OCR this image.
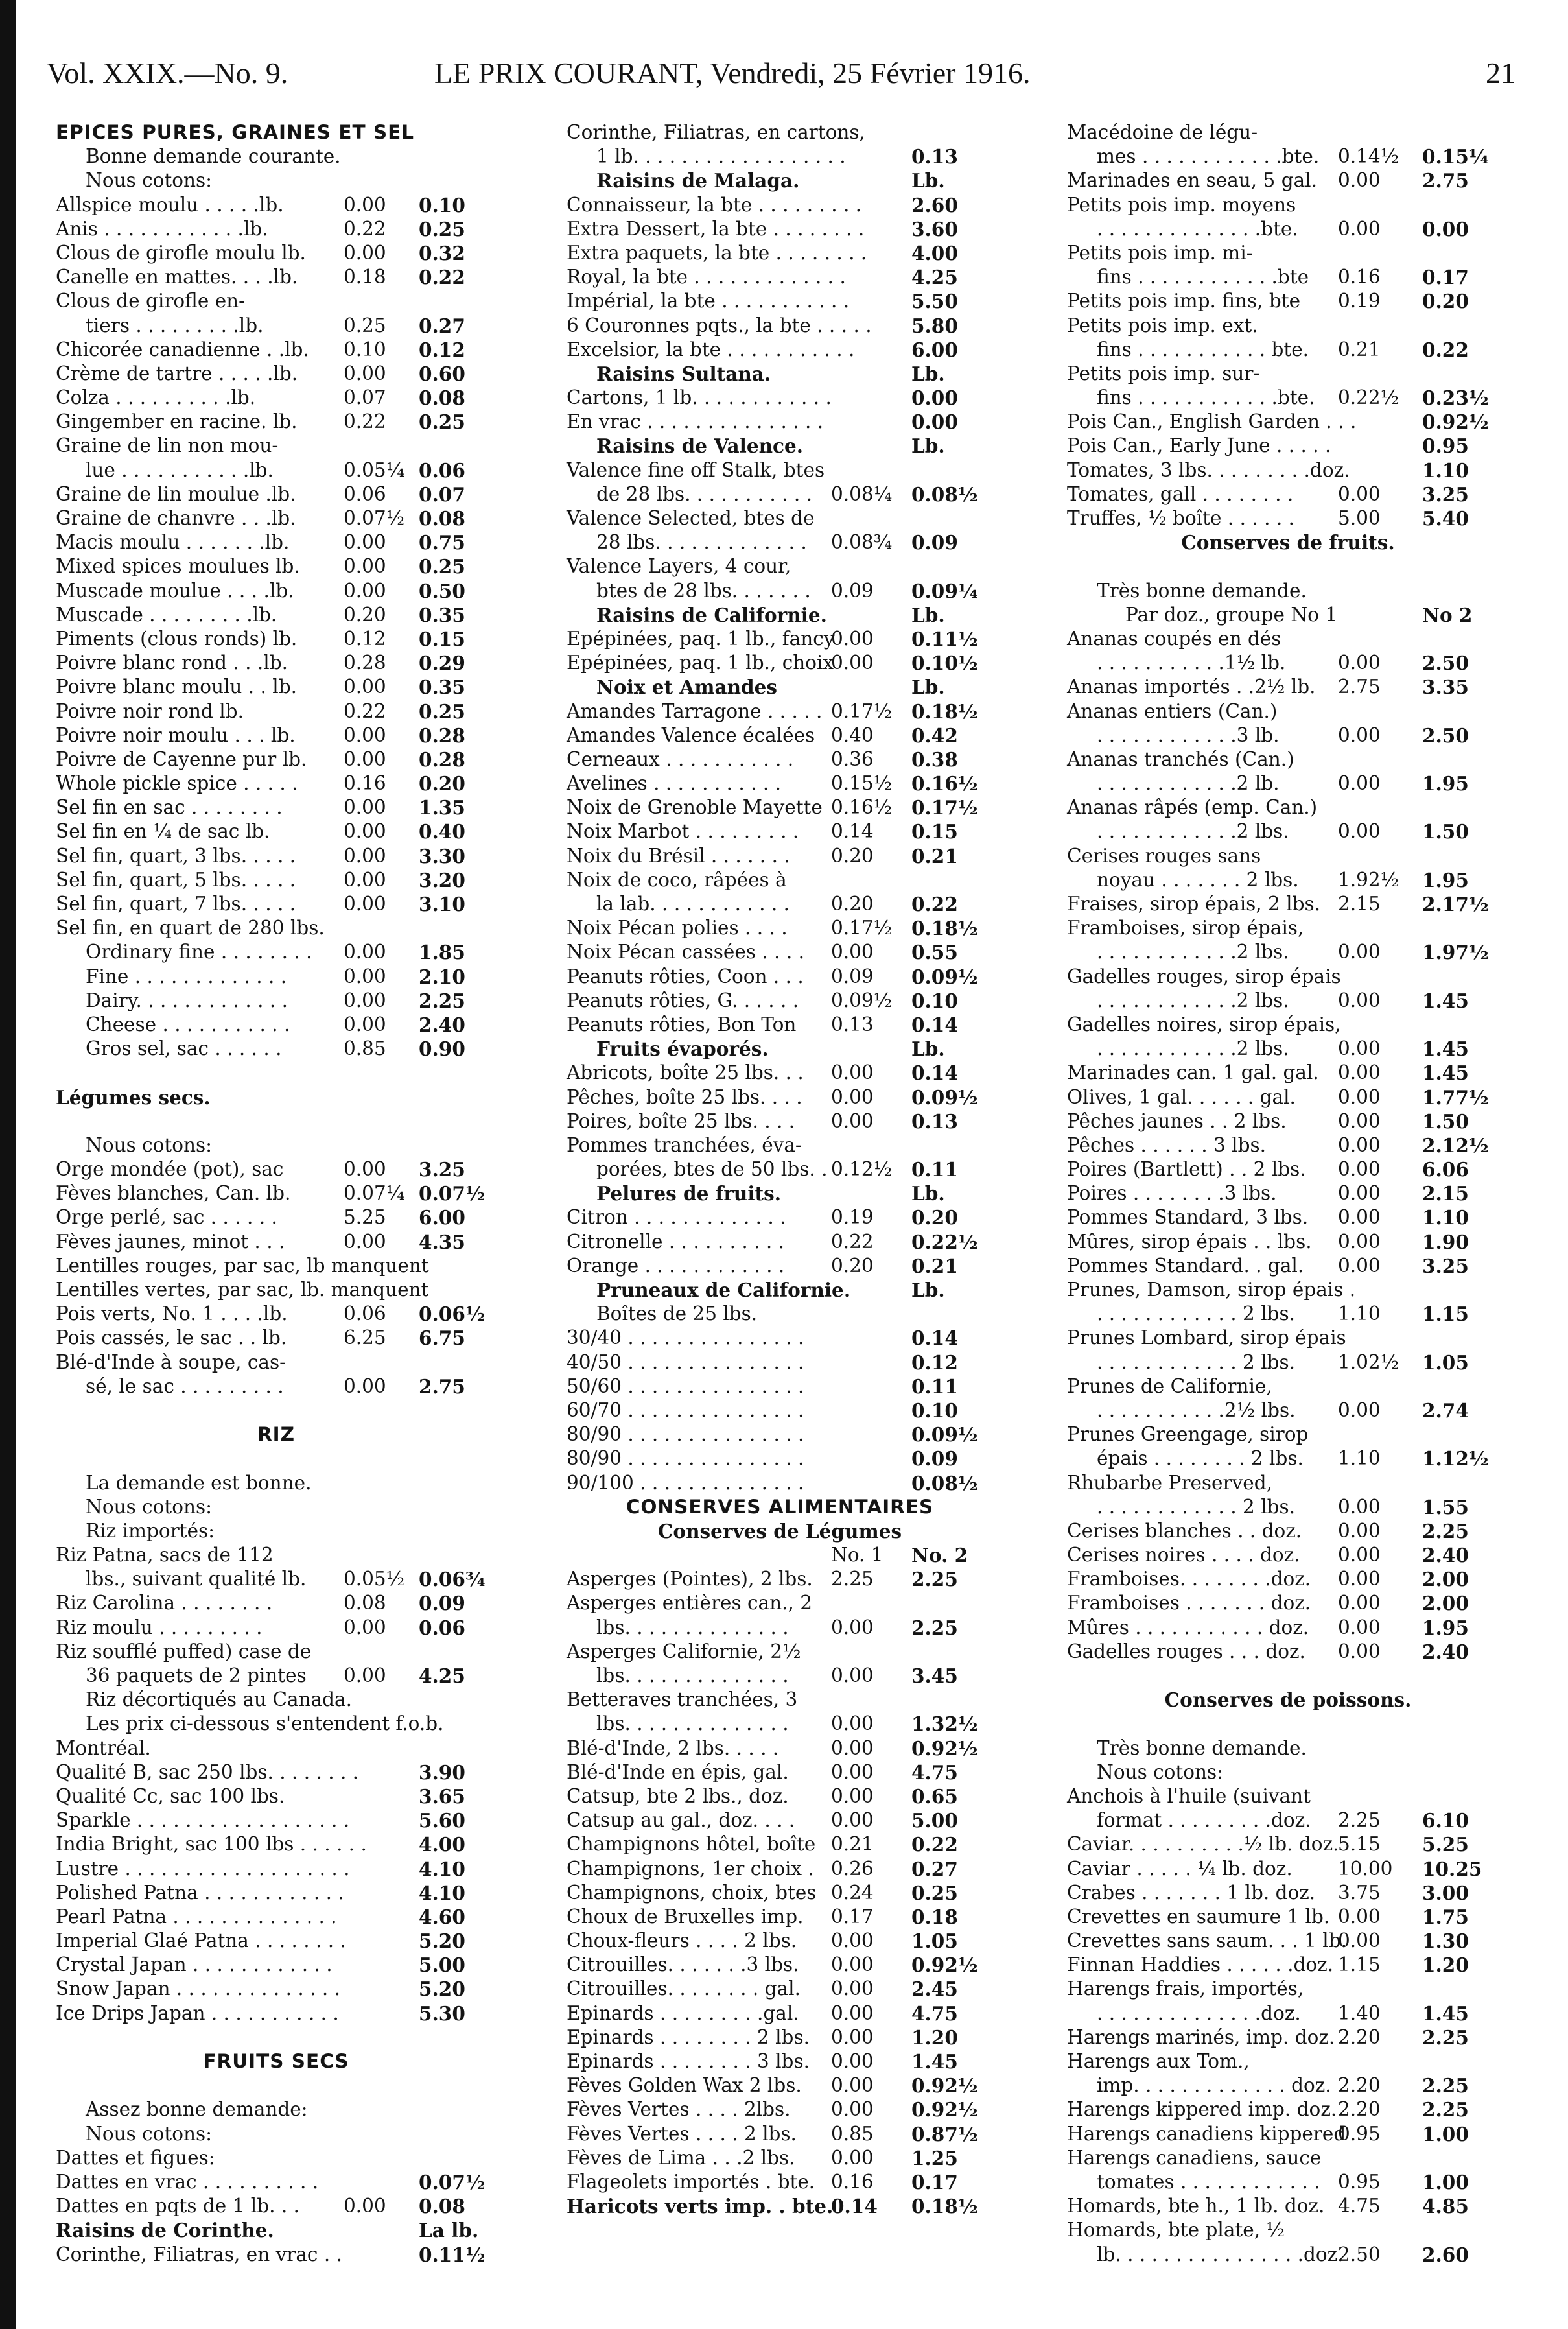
Vol. XXIX.—No. 9.	LE PRIX COURANT, Vendredi, 25 Février 1916.	21
EPICES PURES, GRAINES ET SEL
Bonne demande courante.
Nous cotons:
Allspice moulu . . . . .lb.	0.00 0.10
Anis . . . . . . . . . . . .lb.	0.22 0.25
Clous de girofle moulu lb. 0.00 0.32
Canelle en mattes. . . .lb. 0.18 0.22
Clous de girofle en-
tiers . . . . . . . . .lb.	0.25 0.27
Chicorée canadienne . .lb. 0.10 0.12
Crème de tartre . . . . .lb. 0.00 0.60
Colza . . . . . . . . . .lb.	0.07 0.08
Gingember en racine. lb. 0.22 0.25
Graine de lin non mou-
lue . . . . . . . . . . .lb.	0.05¼ 0.06
Graine de lin moulue .lb. 0.06 0.07
Graine de chanvre . . .lb. 0.07½ 0.08
Macis moulu . . . . . . .lb.	0.00 0.75
Mixed spices moulues lb. 0.00 0.25
Muscade moulue . . . .lb.	0.00 0.50
Muscade . . . . . . . . .lb.	0.20 0.35
Piments (clous ronds) lb. 0.12 0.15
Poivre blanc rond . . .lb.	0.28 0.29
Poivre blanc moulu . . lb. 0.00 0.35
Poivre noir rond lb.	0.22 0.25
Poivre noir moulu . . . lb.	0.00 0.28
Poivre de Cayenne pur lb. 0.00 0.28
Whole pickle spice . . . . . 0.16 0.20
Sel fin en sac . . . . . . . .	0.00 1.35
Sel fin en ¼ de sac lb.	0.00 0.40
Sel fin, quart, 3 lbs. . . . .	0.00 3.30
Sel fin, quart, 5 lbs. . . . .	0.00 3.20
Sel fin, quart, 7 lbs. . . . .	0.00 3.10
Sel fin, en quart de 280 lbs.
Ordinary fine . . . . . . . . 0.00 1.85
Fine . . . . . . . . . . . . .	0.00 2.10
Dairy. . . . . . . . . . . . .	0.00 2.25
Cheese . . . . . . . . . . .	0.00 2.40
Gros sel, sac . . . . . .	0.85 0.90
Légumes secs.
Nous cotons:
Orge mondée (pot), sac	0.00 3.25
Fèves blanches, Can. lb.	0.07¼ 0.07½
Orge perlé, sac . . . . . .	5.25 6.00
Fèves jaunes, minot . . .	0.00 4.35
Lentilles rouges, par sac, lb manquent
Lentilles vertes, par sac, lb. manquent
Pois verts, No. 1 . . . .lb.	0.06 0.06½
Pois cassés, le sac . . lb.	6.25 6.75
Blé-d'Inde à soupe, cas-
sé, le sac . . . . . . . . .	0.00 2.75
RIZ
La demande est bonne.
Nous cotons:
Riz importés:
Riz Patna, sacs de 112
lbs., suivant qualité lb. 0.05½ 0.06¾
Riz Carolina . . . . . . . .	0.08 0.09
Riz moulu . . . . . . . . .	0.00 0.06
Riz soufflé puffed) case de
36 paquets de 2 pintes 0.00 4.25
Riz décortiqués au Canada.
Les prix ci-dessous s'entendent f.o.b.
Montréal.
Qualité B, sac 250 lbs. . . . . . . .	3.90
Qualité Cc, sac 100 lbs.	3.65
Sparkle . . . . . . . . . . . . . . . . . .	5.60
India Bright, sac 100 lbs . . . . . .	4.00
Lustre . . . . . . . . . . . . . . . . . . .	4.10
Polished Patna . . . . . . . . . . . .	4.10
Pearl Patna . . . . . . . . . . . . . .	4.60
Imperial Glaé Patna . . . . . . . .	5.20
Crystal Japan . . . . . . . . . . . .	5.00
Snow Japan . . . . . . . . . . . . . .	5.20
Ice Drips Japan . . . . . . . . . . .	5.30
FRUITS SECS
Assez bonne demande:
Nous cotons:
Dattes et figues:
Dattes en vrac . . . . . . . . . .	0.07½
Dattes en pqts de 1 lb. . . 0.00 0.08
Raisins de Corinthe.	La lb.
Corinthe, Filiatras, en vrac . .	0.11½
Corinthe, Filiatras, en cartons,
1 lb. . . . . . . . . . . . . . . . . .	0.13
Raisins de Malaga.	Lb.
Connaisseur, la bte . . . . . . . . .	2.60
Extra Dessert, la bte . . . . . . . . 3.60
Extra paquets, la bte . . . . . . . . 4.00
Royal, la bte . . . . . . . . . . . . .	4.25
Impérial, la bte . . . . . . . . . . .	5.50
6 Couronnes pqts., la bte . . . . . 5.80
Excelsior, la bte . . . . . . . . . . .	6.00
Raisins Sultana.	Lb.
Cartons, 1 lb. . . . . . . . . . . .	0.00
En vrac . . . . . . . . . . . . . . .	0.00
Raisins de Valence.	Lb.
Valence fine off Stalk, btes
de 28 lbs. . . . . . . . . . . 0.08¼ 0.08½
Valence Selected, btes de
28 lbs. . . . . . . . . . . . . 0.08¾ 0.09
Valence Layers, 4 cour,
btes de 28 lbs. . . . . . . 0.09 0.09¼
Raisins de Californie.	Lb.
Epépinées, paq. 1 lb., fancy
0.00 0.11½
Epépinées, paq. 1 lb., choix
0.00 0.10½
Noix et Amandes	Lb.
Amandes Tarragone . . . . . 0.17½ 0.18½
Amandes Valence écalées 0.40 0.42
Cerneaux . . . . . . . . . . . 0.36 0.38
Avelines . . . . . . . . . . .	0.15½ 0.16½
Noix de Grenoble Mayette 0.16½ 0.17½
Noix Marbot . . . . . . . . . 0.14 0.15
Noix du Brésil . . . . . . . 0.20 0.21
Noix de coco, râpées à
la lab. . . . . . . . . . . . 0.20 0.22
Noix Pécan polies . . . . 0.17½ 0.18½
Noix Pécan cassées . . . . 0.00 0.55
Peanuts rôties, Coon . . . 0.09 0.09½
Peanuts rôties, G. . . . . . 0.09½ 0.10
Peanuts rôties, Bon Ton 0.13 0.14
Fruits évaporés.	Lb.
Abricots, boîte 25 lbs. . . 0.00 0.14
Pêches, boîte 25 lbs. . . . 0.00 0.09½
Poires, boîte 25 lbs. . . . 0.00 0.13
Pommes tranchées, éva-
porées, btes de 50 lbs. . 0.12½ 0.11
Pelures de fruits.	Lb.
Citron . . . . . . . . . . . . . 0.19 0.20
Citronelle . . . . . . . . . . 0.22 0.22½
Orange . . . . . . . . . . . . 0.20 0.21
Pruneaux de Californie.	Lb.
Boîtes de 25 lbs.
30/40 . . . . . . . . . . . . . . .	0.14
40/50 . . . . . . . . . . . . . . .	0.12
50/60 . . . . . . . . . . . . . . .	0.11
60/70 . . . . . . . . . . . . . . .	0.10
80/90 . . . . . . . . . . . . . . .	0.09½
80/90 . . . . . . . . . . . . . . .	0.09
90/100 . . . . . . . . . . . . . .	0.08½
CONSERVES ALIMENTAIRES
Conserves de Légumes
No. 1 No. 2
Asperges (Pointes), 2 lbs. 2.25 2.25
Asperges entières can., 2
lbs. . . . . . . . . . . . . . 0.00 2.25
Asperges Californie, 2½
lbs. . . . . . . . . . . . . . 0.00 3.45
Betteraves tranchées, 3
lbs. . . . . . . . . . . . . . 0.00 1.32½
Blé-d'Inde, 2 lbs. . . . .	0.00 0.92½
Blé-d'Inde en épis, gal. 0.00 4.75
Catsup, bte 2 lbs., doz. 0.00 0.65
Catsup au gal., doz. . . . 0.00 5.00
Champignons hôtel, boîte 0.21 0.22
Champignons, 1er choix . 0.26 0.27
Champignons, choix, btes 0.24 0.25
Choux de Bruxelles imp. 0.17 0.18
Choux-fleurs . . . . 2 lbs. 0.00 1.05
Citrouilles. . . . . . .3 lbs. 0.00 0.92½
Citrouilles. . . . . . . . gal. 0.00 2.45
Epinards . . . . . . . . .gal. 0.00 4.75
Epinards . . . . . . . . 2 lbs. 0.00 1.20
Epinards . . . . . . . . 3 lbs. 0.00 1.45
Fèves Golden Wax 2 lbs. 0.00 0.92½
Fèves Vertes . . . . 2lbs. 0.00 0.92½
Fèves Vertes . . . . 2 lbs. 0.85 0.87½
Fèves de Lima . . .2 lbs. 0.00 1.25
Flageolets importés . bte. 0.16 0.17
Haricots verts imp. . bte.
0.14 0.18½
Macédoine de légu-
mes . . . . . . . . . . . .bte. 0.14½ 0.15¼
Marinades en seau, 5 gal. 0.00 2.75
Petits pois imp. moyens
. . . . . . . . . . . . . .bte. 0.00 0.00
Petits pois imp. mi-
fins . . . . . . . . . . . .bte 0.16 0.17
Petits pois imp. fins, bte 0.19 0.20
Petits pois imp. ext.
fins . . . . . . . . . . . bte. 0.21 0.22
Petits pois imp. sur-
fins . . . . . . . . . . . .bte. 0.22½ 0.23½
Pois Can., English Garden . . .	0.92½
Pois Can., Early June . . . . .	0.95
Tomates, 3 lbs. . . . . . . . .doz.	1.10
Tomates, gall . . . . . . . . 0.00 3.25
Truffes, ½ boîte . . . . . . 5.00 5.40
Conserves de fruits.
Très bonne demande.
Par doz., groupe No 1	No 2
Ananas coupés en dés
. . . . . . . . . . .1½ lb.	0.00 2.50
Ananas importés . .2½ lb. 2.75 3.35
Ananas entiers (Can.)
. . . . . . . . . . . .3 lb.	0.00 2.50
Ananas tranchés (Can.)
. . . . . . . . . . . .2 lb.	0.00 1.95
Ananas râpés (emp. Can.)
. . . . . . . . . . . .2 lbs.	0.00 1.50
Cerises rouges sans
noyau . . . . . . . 2 lbs. 1.92½ 1.95
Fraises, sirop épais, 2 lbs. 2.15 2.17½
Framboises, sirop épais,
. . . . . . . . . . . .2 lbs.	0.00 1.97½
Gadelles rouges, sirop épais
. . . . . . . . . . . .2 lbs.	0.00 1.45
Gadelles noires, sirop épais,
. . . . . . . . . . . .2 lbs.	0.00 1.45
Marinades can. 1 gal. gal. 0.00 1.45
Olives, 1 gal. . . . . . gal. 0.00 1.77½
Pêches jaunes . . 2 lbs.	0.00 1.50
Pêches . . . . . . 3 lbs.	0.00 2.12½
Poires (Bartlett) . . 2 lbs. 0.00 6.06
Poires . . . . . . . .3 lbs.	0.00 2.15
Pommes Standard, 3 lbs. 0.00 1.10
Mûres, sirop épais . . lbs. 0.00 1.90
Pommes Standard. . gal. 0.00 3.25
Prunes, Damson, sirop épais .
. . . . . . . . . . . . 2 lbs. 1.10 1.15
Prunes Lombard, sirop épais
. . . . . . . . . . . . 2 lbs. 1.02½ 1.05
Prunes de Californie,
. . . . . . . . . . .2½ lbs. 0.00 2.74
Prunes Greengage, sirop
épais . . . . . . . . 2 lbs. 1.10 1.12½
Rhubarbe Preserved,
. . . . . . . . . . . . 2 lbs. 0.00 1.55
Cerises blanches . . doz. 0.00 2.25
Cerises noires . . . . doz. 0.00 2.40
Framboises. . . . . . . .doz. 0.00 2.00
Framboises . . . . . . . doz. 0.00 2.00
Mûres . . . . . . . . . . . doz. 0.00 1.95
Gadelles rouges . . . doz. 0.00 2.40
Conserves de poissons.
Très bonne demande.
Nous cotons:
Anchois à l'huile (suivant
format . . . . . . . . .doz. 2.25 6.10
Caviar. . . . . . . . . .½ lb. doz.
5.15 5.25
Caviar . . . . . ¼ lb. doz. 10.00 10.25
Crabes . . . . . . . 1 lb. doz. 3.75 3.00
Crevettes en saumure 1 lb. 0.00 1.75
Crevettes sans saum. . . 1 lb.
0.00 1.30
Finnan Haddies . . . . . .doz. 1.15 1.20
Harengs frais, importés,
. . . . . . . . . . . . . .doz. 1.40 1.45
Harengs marinés, imp. doz. 2.20 2.25
Harengs aux Tom.,
imp. . . . . . . . . . . . . doz. 2.20 2.25
Harengs kippered imp. doz. 2.20 2.25
Harengs canadiens kippered
0.95 1.00
Harengs canadiens, sauce
tomates . . . . . . . . . . . . 0.95 1.00
Homards, bte h., 1 lb. doz. 4.75 4.85
Homards, bte plate, ½
lb. . . . . . . . . . . . . . . .doz.
2.50 2.60
